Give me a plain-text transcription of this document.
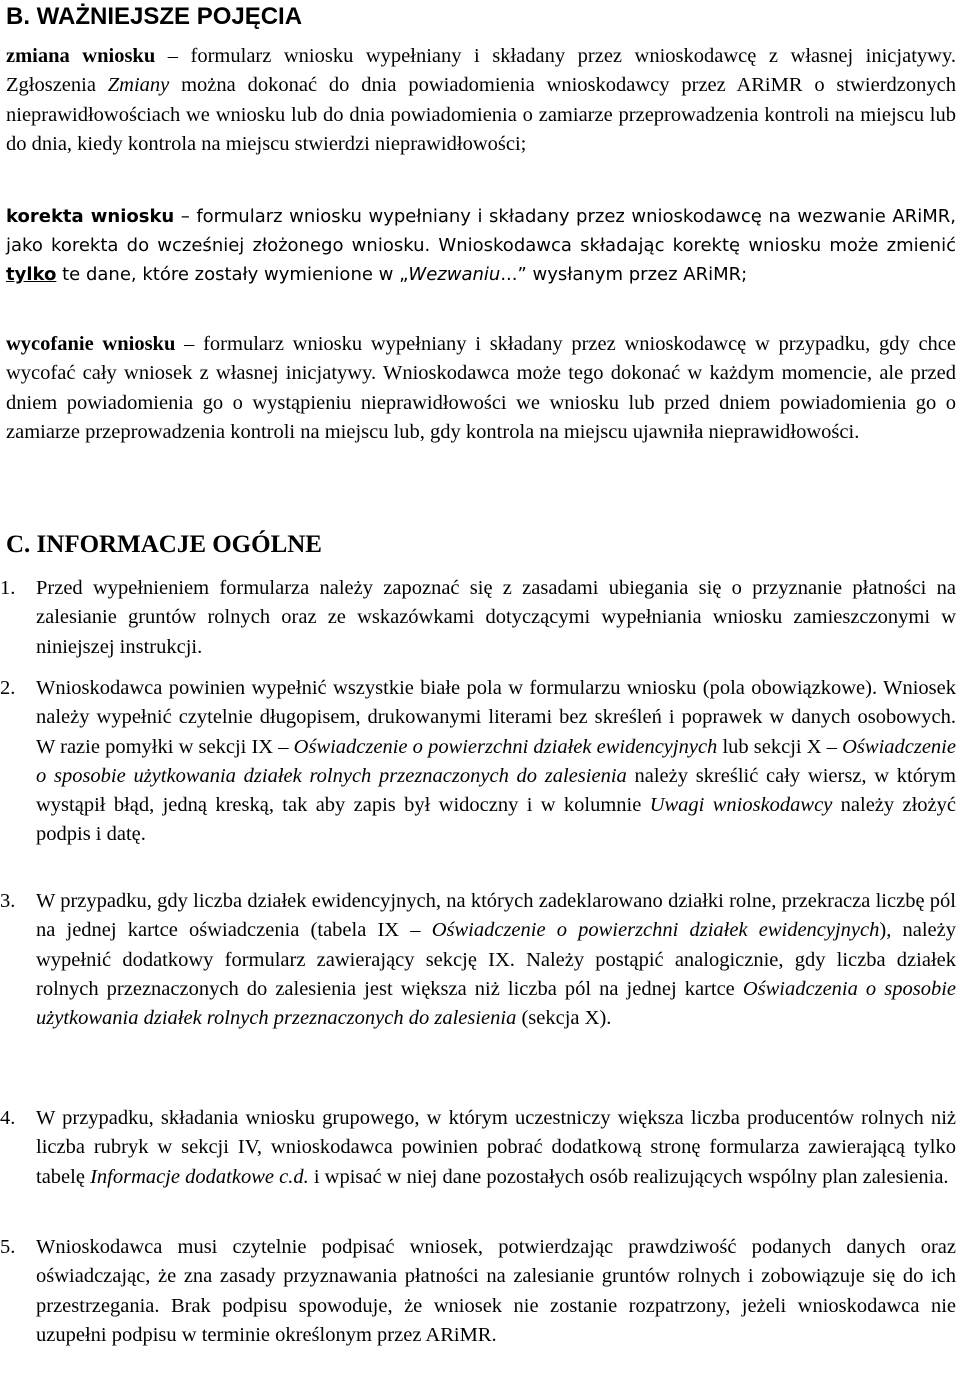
B. WAŻNIEJSZE POJĘCIA

zmiana wniosku – formularz wniosku wypełniany i składany przez wnioskodawcę z własnej inicjatywy. Zgłoszenia Zmiany można dokonać do dnia powiadomienia wnioskodawcy przez ARiMR o stwierdzonych nieprawidłowościach we wniosku lub do dnia powiadomienia o zamiarze przeprowadzenia kontroli na miejscu lub do dnia, kiedy kontrola na miejscu stwierdzi nieprawidłowości;

korekta wniosku – formularz wniosku wypełniany i składany przez wnioskodawcę na wezwanie ARiMR, jako korekta do wcześniej złożonego wniosku. Wnioskodawca składając korektę wniosku może zmienić tylko te dane, które zostały wymienione w „Wezwaniu...” wysłanym przez ARiMR;

wycofanie wniosku – formularz wniosku wypełniany i składany przez wnioskodawcę w przypadku, gdy chce wycofać cały wniosek z własnej inicjatywy. Wnioskodawca może tego dokonać w każdym momencie, ale przed dniem powiadomienia go o wystąpieniu nieprawidłowości we wniosku lub przed dniem powiadomienia go o zamiarze przeprowadzenia kontroli na miejscu lub, gdy kontrola na miejscu ujawniła nieprawidłowości.

C. INFORMACJE OGÓLNE

1.	Przed wypełnieniem formularza należy zapoznać się z zasadami ubiegania się o przyznanie płatności na zalesianie gruntów rolnych oraz ze wskazówkami dotyczącymi wypełniania wniosku zamieszczonymi w niniejszej instrukcji.

2.	Wnioskodawca powinien wypełnić wszystkie białe pola w formularzu wniosku (pola obowiązkowe). Wniosek należy wypełnić czytelnie długopisem, drukowanymi literami bez skreśleń i poprawek w danych osobowych. W razie pomyłki w sekcji IX – Oświadczenie o powierzchni działek ewidencyjnych lub sekcji X – Oświadczenie o sposobie użytkowania działek rolnych przeznaczonych do zalesienia należy skreślić cały wiersz, w którym wystąpił błąd, jedną kreską, tak aby zapis był widoczny i w kolumnie Uwagi wnioskodawcy należy złożyć podpis i datę.

3.	W przypadku, gdy liczba działek ewidencyjnych, na których zadeklarowano działki rolne, przekracza liczbę pól na jednej kartce oświadczenia (tabela IX – Oświadczenie o powierzchni działek ewidencyjnych), należy wypełnić dodatkowy formularz zawierający sekcję IX. Należy postąpić analogicznie, gdy liczba działek rolnych przeznaczonych do zalesienia jest większa niż liczba pól na jednej kartce Oświadczenia o sposobie użytkowania działek rolnych przeznaczonych do zalesienia (sekcja X).

4.	W przypadku, składania wniosku grupowego, w którym uczestniczy większa liczba producentów rolnych niż liczba rubryk w sekcji IV, wnioskodawca powinien pobrać dodatkową stronę formularza zawierającą tylko tabelę Informacje dodatkowe c.d. i wpisać w niej dane pozostałych osób realizujących wspólny plan zalesienia.

5.	Wnioskodawca musi czytelnie podpisać wniosek, potwierdzając prawdziwość podanych danych oraz oświadczając, że zna zasady przyznawania płatności na zalesianie gruntów rolnych i zobowiązuje się do ich przestrzegania. Brak podpisu spowoduje, że wniosek nie zostanie rozpatrzony, jeżeli wnioskodawca nie uzupełni podpisu w terminie określonym przez ARiMR.
